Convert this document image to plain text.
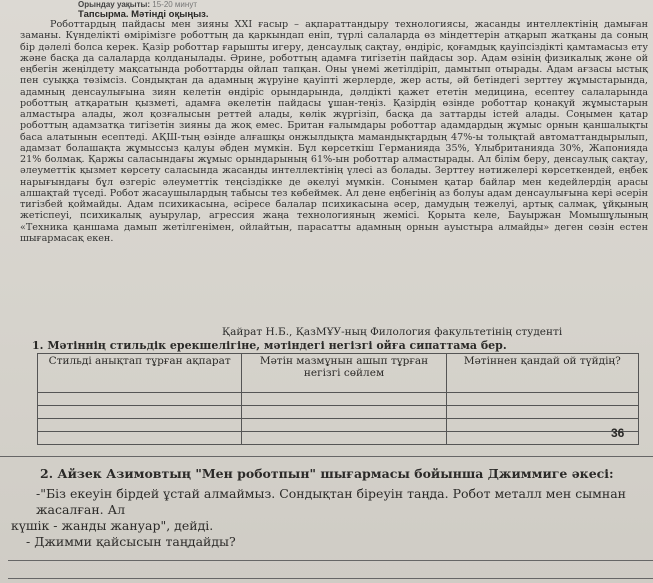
Орындау уақыты: 15-20 минут
Тапсырма. Мәтінді оқыңыз.

Роботтардың пайдасы мен зияны XXI ғасыр – ақпараттандыру технологиясы, жасанды интеллектінің дамыған заманы. Күнделікті өмірімізге роботтың да қаркындап еніп, түрлі салаларда өз міндеттерін атқарып жатқаны да соның бір дәлелі болса керек. Қазір роботтар ғарышты игеру, денсаулық сақтау, өндіріс, қоғамдық қауіпсіздікті қамтамасыз ету және басқа да салаларда қолданылады. Әрине, роботтың адамға тигізетін пайдасы зор. Адам өзінің физикалық және ой еңбегін жеңілдету мақсатында роботтарды ойлап тапқан. Оны үнемі жетілдіріп, дамытып отырады. Адам ағзасы ыстық пен суыққа төзімсіз. Сондықтан да адамның жүруіне қауіпті жерлерде, жер асты, әй бетіндегі зерттеу жұмыстарында, адамның денсаулығына зиян келетін өндіріс орындарында, дәлдікті қажет ететін медицина, есептеу салаларында роботтың атқаратын қызметі, адамға әкелетін пайдасы ұшан-теңіз. Қазірдің өзінде роботтар қонақүй жұмыстарын алмастыра алады, жол қозғалысын реттей алады, көлік жүргізіп, басқа да заттарды істей алады. Соңымен қатар роботтың адамзатқа тигізетін зияны да жоқ емес. Британ ғалымдары роботтар адамдардың жұмыс орнын қаншалықты баса алатынын есептеді. АҚШ-тың өзінде алғашқы онжылдықта мамандықтардың 47%-ы толықтай автоматтандырылып, адамзат болашақта жұмыссыз қалуы әбден мүмкін. Бұл көрсеткіш Германияда 35%, Ұлыбританияда 30%, Жапонияда 21% болмақ. Қаржы саласындағы жұмыс орындарының 61%-ын роботтар алмастырады. Ал білім беру, денсаулық сақтау, әлеуметтік қызмет көрсету саласында жасанды интеллектінің үлесі аз болады. Зерттеу нәтижелері көрсеткендей, еңбек нарығындағы бұл өзгеріс әлеуметтік теңсіздікке де әкелуі мүмкін. Сонымен қатар байлар мен кедейлердің арасы алшақтай түседі. Робот жасаушылардың табысы тез көбеймек. Ал дене еңбегінің аз болуы адам денсаулығына кері әсерін тигізбей қоймайды. Адам психикасына, әсіресе балалар психикасына әсер, дамудың тежелуі, артық салмақ, ұйқының жетіспеуі, психикалық ауырулар, агрессия жаңа технологияның жемісі. Қорыта келе, Бауыржан Момышұлының «Техника қаншама дамып жетілгенімен, ойлайтын, парасатты адамның орнын ауыстыра алмайды» деген сөзін естен шығармасақ екен.

Қайрат Н.Б., ҚазМҰУ-ның Филология факультетінің студенті
1. Мәтіннің стильдік ерекшелігіне, мәтіндегі негізгі ойға сипаттама бер.
Стильдi анықтап тұрған ақпарат	Мәтін мазмұнын ашып тұрған негізгі сөйлем	Мәтіннен қандай ой түйдің?

36
2. Айзек Азимовтың "Мен роботпын" шығармасы бойынша Джиммиге әкесі:
-"Біз екеуін бірдей ұстай алмаймыз. Сондықтан біреуін таңда. Робот металл мен сымнан жасалған. Ал
күшік - жанды жануар", дейді.
- Джимми қайсысын таңдайды?
